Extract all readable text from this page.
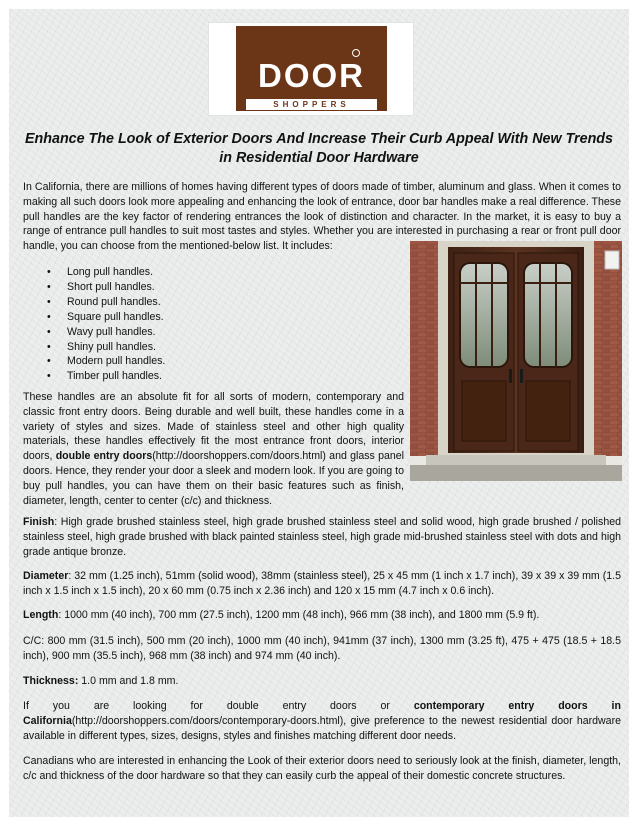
DOOR
SHOPPERS
Enhance The Look of Exterior Doors And Increase Their Curb Appeal With New Trends in Residential Door Hardware

In California, there are millions of homes having different types of doors made of timber, aluminum and glass. When it comes to making all such doors look more appealing and enhancing the look of entrance, door bar handles make a real difference. These pull handles are the key factor of rendering entrances the look of distinction and character. In the market, it is easy to buy a range of entrance pull handles to suit most tastes and styles. Whether you are interested in purchasing a rear or front pull door handle, you can choose from the mentioned-below list. It includes:

• Long pull handles.
• Short pull handles.
• Round pull handles.
• Square pull handles.
• Wavy pull handles.
• Shiny pull handles.
• Modern pull handles.
• Timber pull handles.

These handles are an absolute fit for all sorts of modern, contemporary and classic front entry doors. Being durable and well built, these handles come in a variety of styles and sizes. Made of stainless steel and other high quality materials, these handles effectively fit the most entrance front doors, interior doors, double entry doors(http://doorshoppers.com/doors.html) and glass panel doors. Hence, they render your door a sleek and modern look. If you are going to buy pull handles, you can have them on their basic features such as finish, diameter, length, center to center (c/c) and thickness.

Finish: High grade brushed stainless steel, high grade brushed stainless steel and solid wood, high grade brushed / polished stainless steel, high grade brushed with black painted stainless steel, high grade mid-brushed stainless steel with dots and high grade antique bronze.

Diameter: 32 mm (1.25 inch), 51mm (solid wood), 38mm (stainless steel), 25 x 45 mm (1 inch x 1.7 inch), 39 x 39 x 39 mm (1.5 inch x 1.5 inch x 1.5 inch), 20 x 60 mm (0.75 inch x 2.36 inch) and 120 x 15 mm (4.7 inch x 0.6 inch).

Length: 1000 mm (40 inch), 700 mm (27.5 inch), 1200 mm (48 inch), 966 mm (38 inch), and 1800 mm (5.9 ft).

C/C: 800 mm (31.5 inch), 500 mm (20 inch), 1000 mm (40 inch), 941mm (37 inch), 1300 mm (3.25 ft), 475 + 475 (18.5 + 18.5 inch), 900 mm (35.5 inch), 968 mm (38 inch) and 974 mm (40 inch).

Thickness: 1.0 mm and 1.8 mm.

If you are looking for double entry doors or contemporary entry doors in California(http://doorshoppers.com/doors/contemporary-doors.html), give preference to the newest residential door hardware available in different types, sizes, designs, styles and finishes matching different door needs.

Canadians who are interested in enhancing the Look of their exterior doors need to seriously look at the finish, diameter, length, c/c and thickness of the door hardware so that they can easily curb the appeal of their domestic concrete structures.
